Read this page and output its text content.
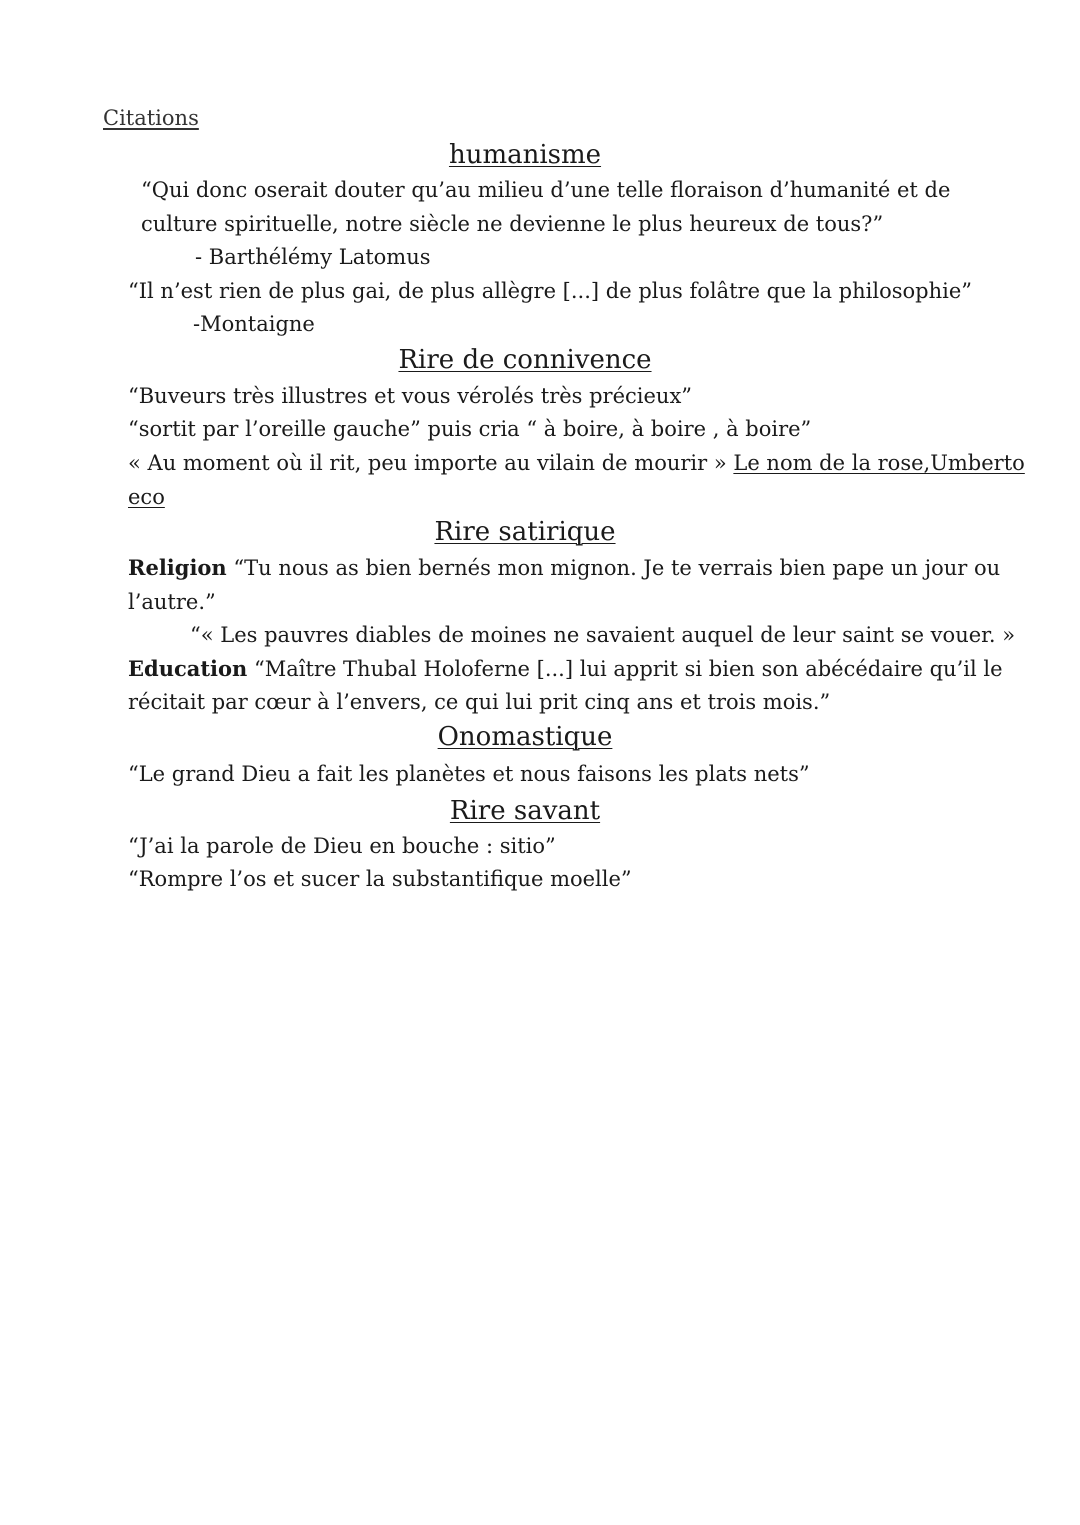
Citations
humanisme
“Qui donc oserait douter qu’au milieu d’une telle floraison d’humanité et de
culture spirituelle, notre siècle ne devienne le plus heureux de tous?”
- Barthélémy Latomus
“Il n’est rien de plus gai, de plus allègre [...] de plus folâtre que la philosophie”
-Montaigne
Rire de connivence
“Buveurs très illustres et vous vérolés très précieux”
“sortit par l’oreille gauche” puis cria “ à boire, à boire , à boire”
« Au moment où il rit, peu importe au vilain de mourir » Le nom de la rose,Umberto
eco
Rire satirique
Religion “Tu nous as bien bernés mon mignon. Je te verrais bien pape un jour ou
l’autre.”
“« Les pauvres diables de moines ne savaient auquel de leur saint se vouer. »
Education “Maître Thubal Holoferne [...] lui apprit si bien son abécédaire qu’il le
récitait par cœur à l’envers, ce qui lui prit cinq ans et trois mois.”
Onomastique
“Le grand Dieu a fait les planètes et nous faisons les plats nets”
Rire savant
“J’ai la parole de Dieu en bouche : sitio”
“Rompre l’os et sucer la substantifique moelle”
